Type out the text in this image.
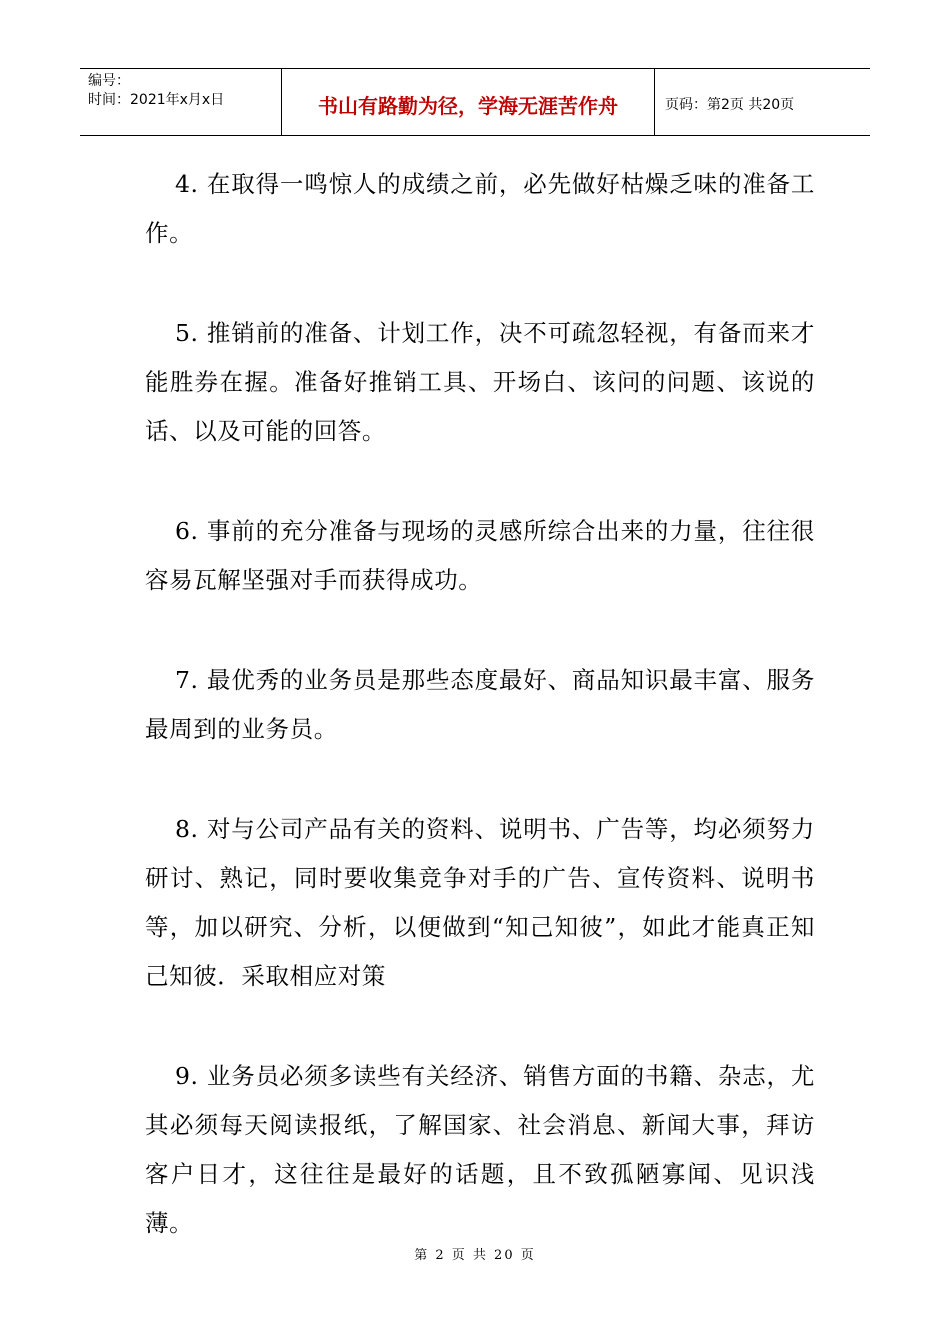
编号：
时间：2021年x月x日	书山有路勤为径，学海无涯苦作舟	页码：第2页 共20页

4. 在取得一鸣惊人的成绩之前，必先做好枯燥乏味的准备工作。

5. 推销前的准备、计划工作，决不可疏忽轻视，有备而来才能胜券在握。准备好推销工具、开场白、该问的问题、该说的话、以及可能的回答。

6. 事前的充分准备与现场的灵感所综合出来的力量，往往很容易瓦解坚强对手而获得成功。

7. 最优秀的业务员是那些态度最好、商品知识最丰富、服务最周到的业务员。

8. 对与公司产品有关的资料、说明书、广告等，均必须努力研讨、熟记，同时要收集竞争对手的广告、宣传资料、说明书等，加以研究、分析，以便做到“知己知彼”，如此才能真正知己知彼．采取相应对策

9. 业务员必须多读些有关经济、销售方面的书籍、杂志，尤其必须每天阅读报纸，了解国家、社会消息、新闻大事，拜访客户日才，这往往是最好的话题，且不致孤陋寡闻、见识浅薄。

第 2 页 共 20 页
